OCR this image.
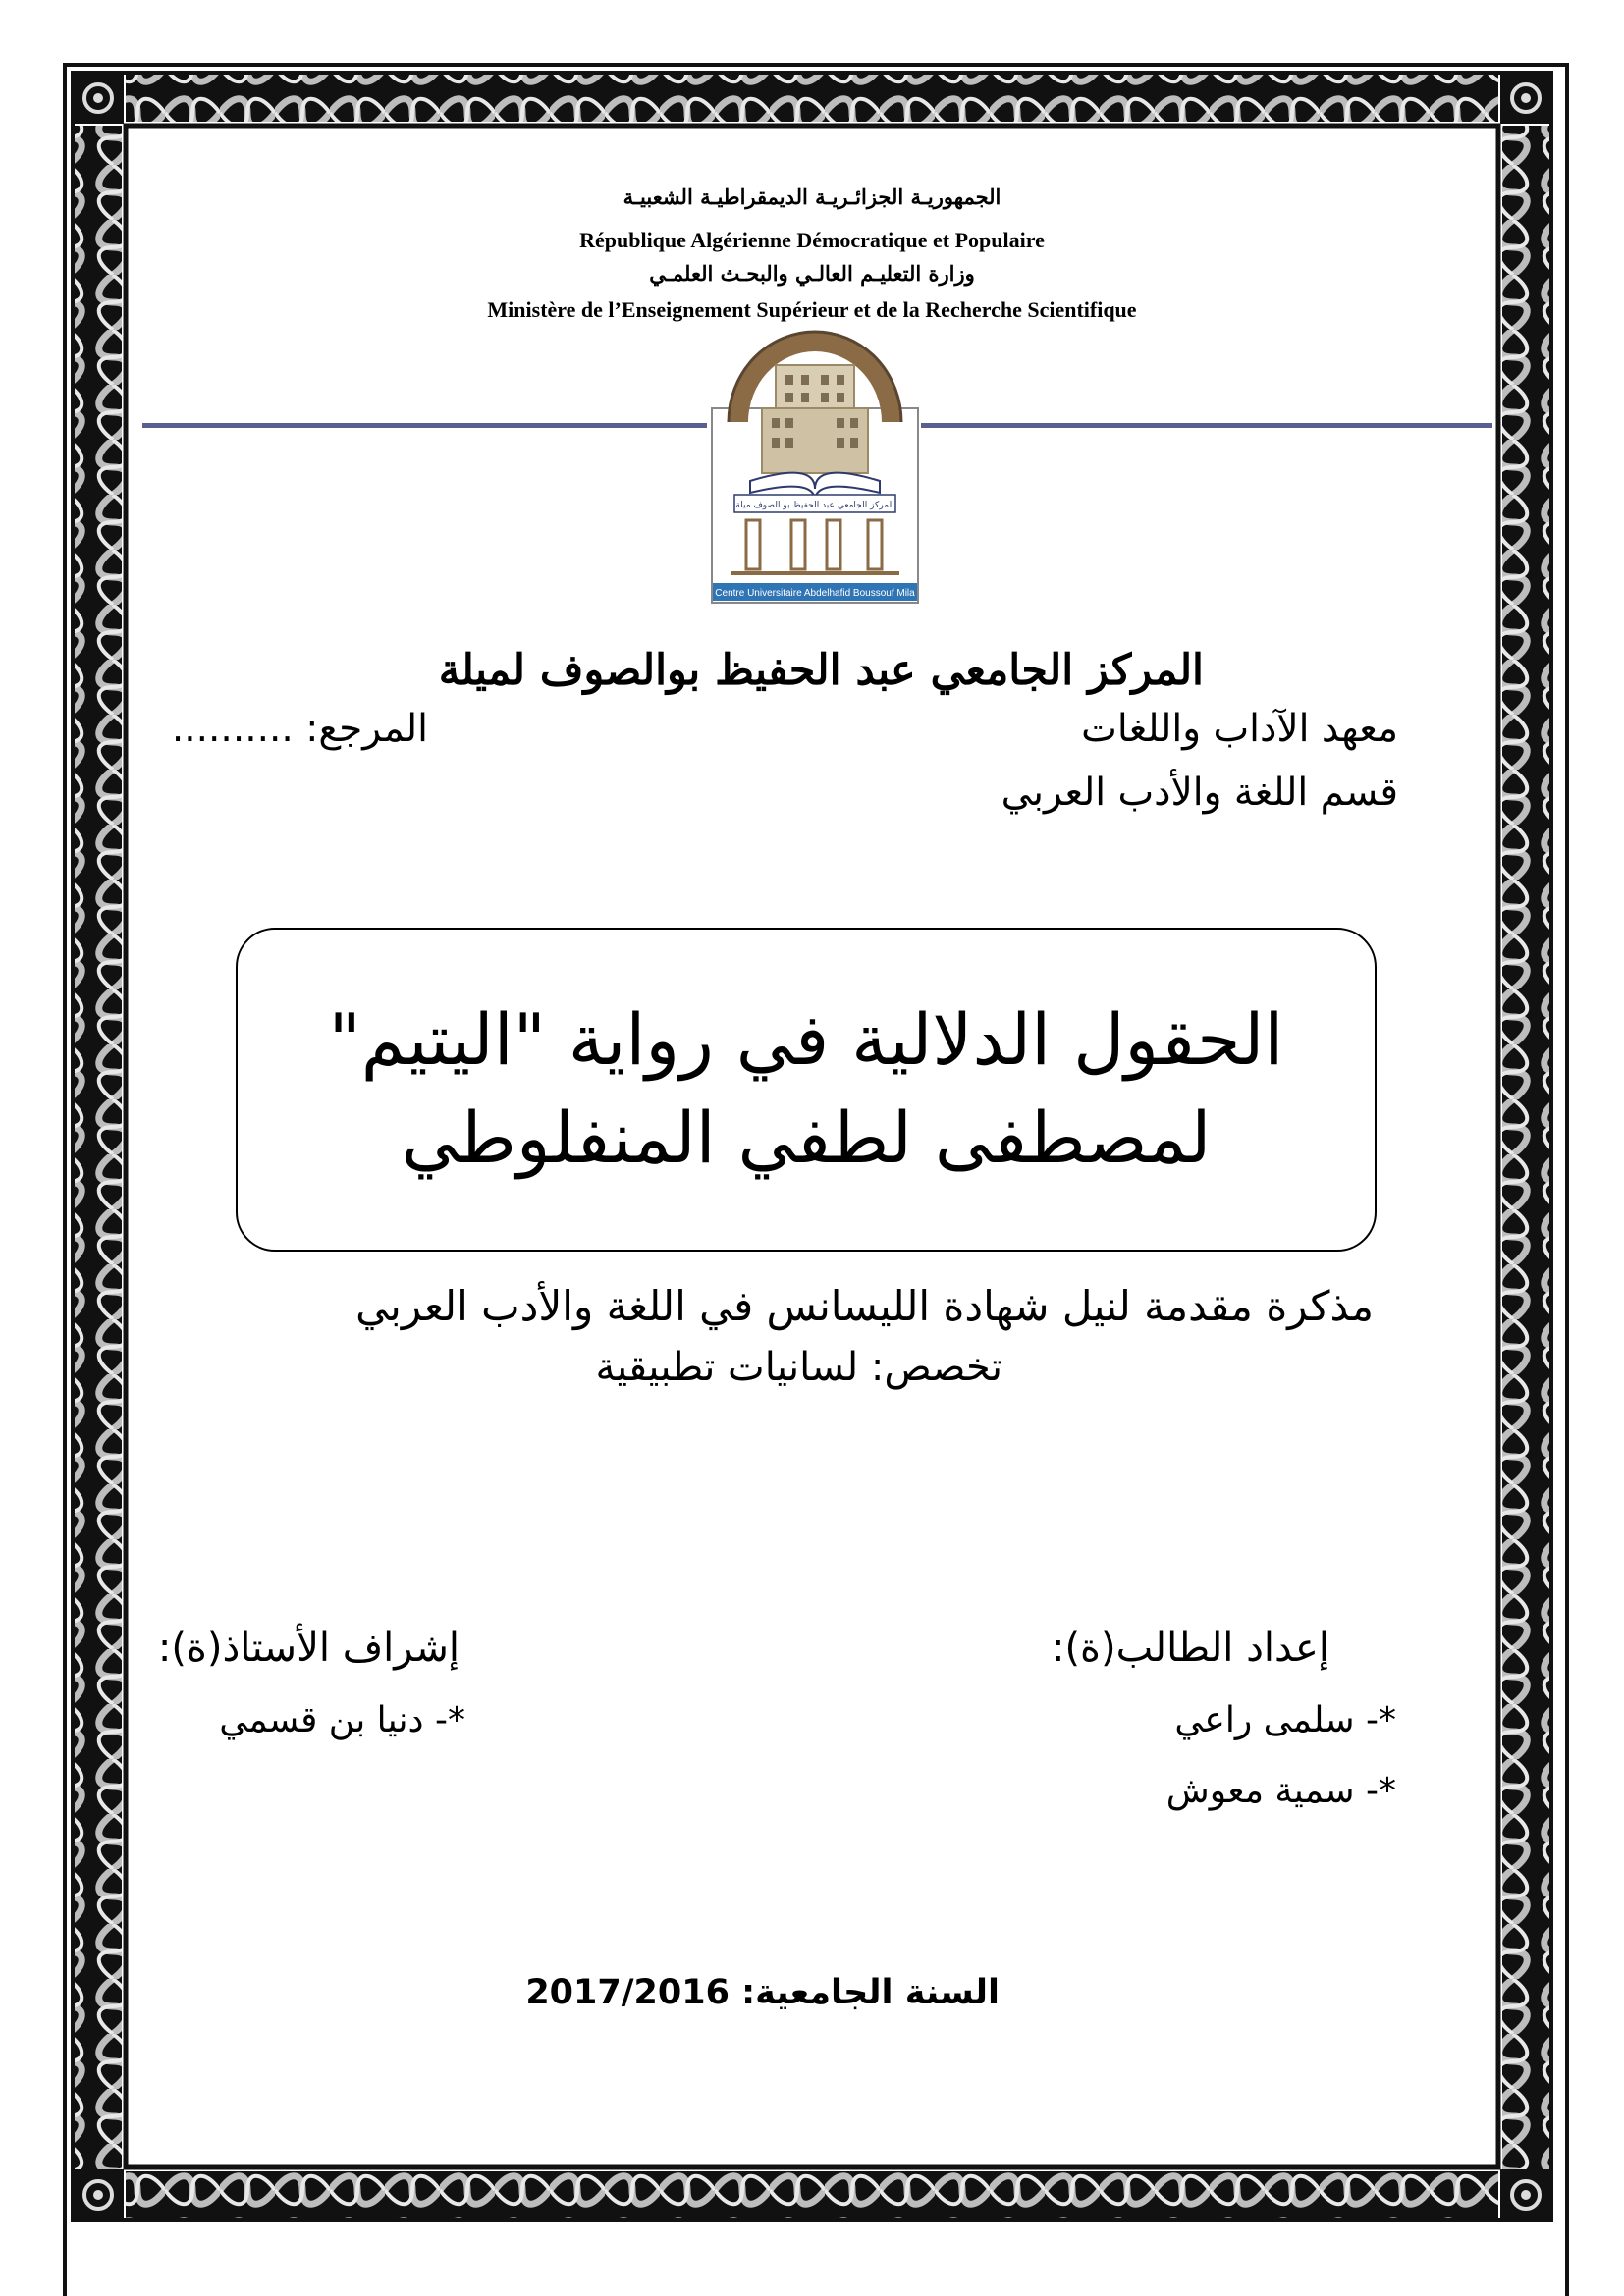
الجمهوريـة الجزائـريـة الديمقراطيـة الشعبيـة
République Algérienne Démocratique et Populaire
وزارة التعليـم العالـي والبحـث العلمـي
Ministère de l’Enseignement Supérieur et de la Recherche Scientifique
المركز الجامعي عبد الحفيظ بو الصوف ميلة
Centre Universitaire Abdelhafid Boussouf Mila
المركز الجامعي عبد الحفيظ بوالصوف لميلة
معهد الآداب واللغات
المرجع: ..........
قسم اللغة والأدب العربي
الحقول الدلالية في رواية "اليتيم"
لمصطفى لطفي المنفلوطي
مذكرة مقدمة لنيل شهادة الليسانس في اللغة والأدب العربي
تخصص: لسانيات تطبيقية
إعداد الطالب(ة):
إشراف الأستاذ(ة):
*- سلمى راعي
*- دنيا بن قسمي
*- سمية معوش
السنة الجامعية: 2017/2016
